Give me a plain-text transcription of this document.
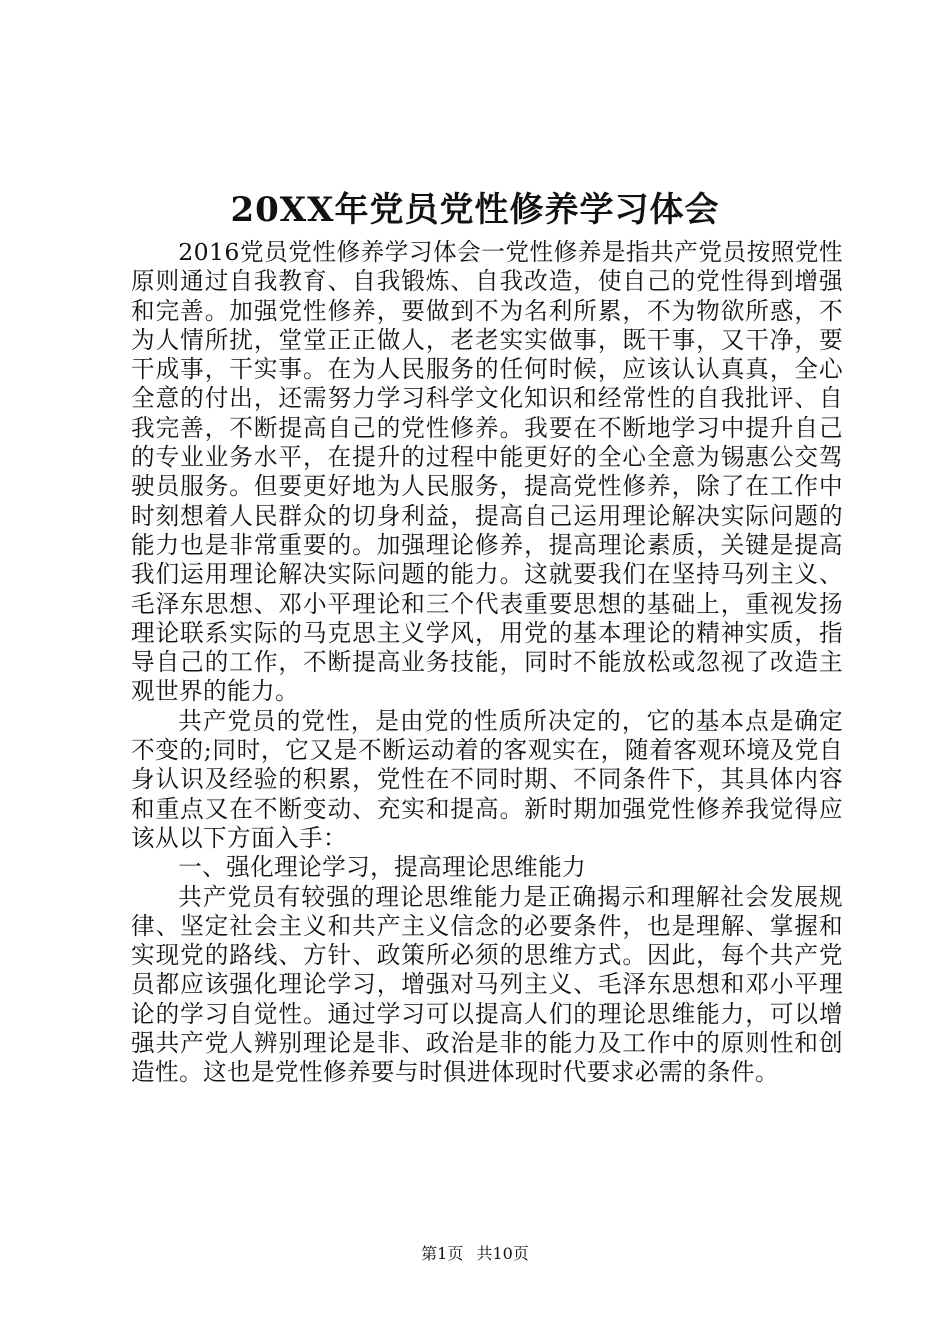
20XX年党员党性修养学习体会

2016党员党性修养学习体会一党性修养是指共产党员按照党性原则通过自我教育、自我锻炼、自我改造，使自己的党性得到增强和完善。加强党性修养，要做到不为名利所累，不为物欲所惑，不为人情所扰，堂堂正正做人，老老实实做事，既干事，又干净，要干成事，干实事。在为人民服务的任何时候，应该认认真真，全心全意的付出，还需努力学习科学文化知识和经常性的自我批评、自我完善，不断提高自己的党性修养。我要在不断地学习中提升自己的专业业务水平，在提升的过程中能更好的全心全意为锡惠公交驾驶员服务。但要更好地为人民服务，提高党性修养，除了在工作中时刻想着人民群众的切身利益，提高自己运用理论解决实际问题的能力也是非常重要的。加强理论修养，提高理论素质，关键是提高我们运用理论解决实际问题的能力。这就要我们在坚持马列主义、毛泽东思想、邓小平理论和三个代表重要思想的基础上，重视发扬理论联系实际的马克思主义学风，用党的基本理论的精神实质，指导自己的工作，不断提高业务技能，同时不能放松或忽视了改造主观世界的能力。

共产党员的党性，是由党的性质所决定的，它的基本点是确定不变的;同时，它又是不断运动着的客观实在，随着客观环境及党自身认识及经验的积累，党性在不同时期、不同条件下，其具体内容和重点又在不断变动、充实和提高。新时期加强党性修养我觉得应该从以下方面入手：

一、强化理论学习，提高理论思维能力

共产党员有较强的理论思维能力是正确揭示和理解社会发展规律、坚定社会主义和共产主义信念的必要条件，也是理解、掌握和实现党的路线、方针、政策所必须的思维方式。因此，每个共产党员都应该强化理论学习，增强对马列主义、毛泽东思想和邓小平理论的学习自觉性。通过学习可以提高人们的理论思维能力，可以增强共产党人辨别理论是非、政治是非的能力及工作中的原则性和创造性。这也是党性修养要与时俱进体现时代要求必需的条件。

第1页 共10页
